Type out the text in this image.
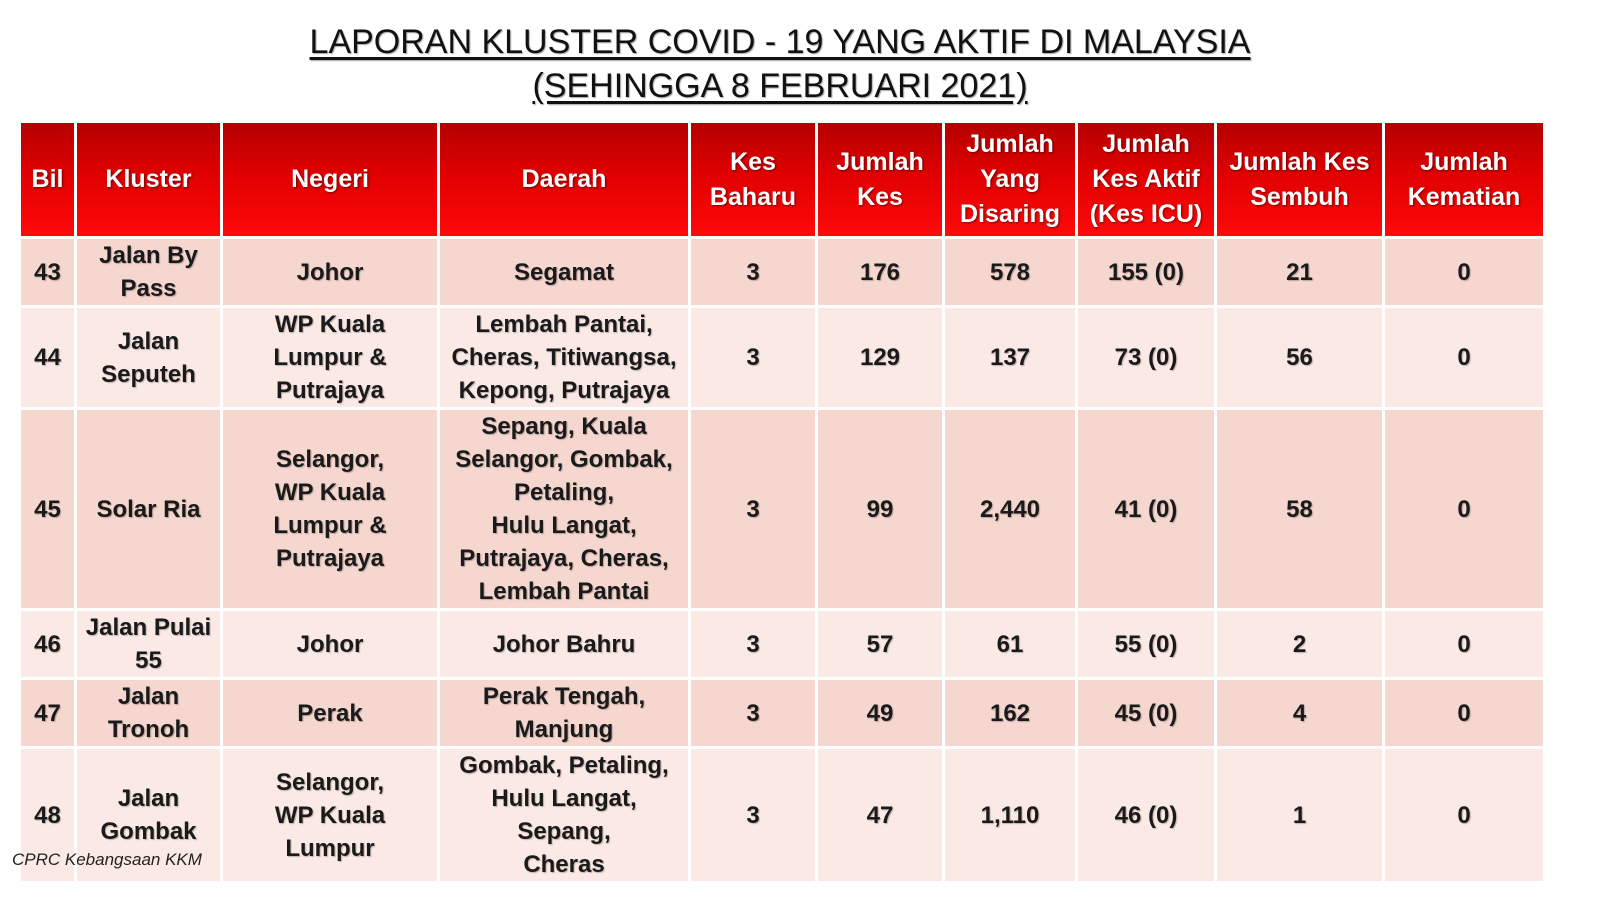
LAPORAN KLUSTER COVID - 19 YANG AKTIF DI MALAYSIA
(SEHINGGA 8 FEBRUARI 2021)
Bil	Kluster	Negeri	Daerah	Kes Baharu	Jumlah Kes	Jumlah Yang Disaring	Jumlah Kes Aktif (Kes ICU)	Jumlah Kes Sembuh	Jumlah Kematian
43	Jalan By Pass	Johor	Segamat	3	176	578	155 (0)	21	0
44	Jalan Seputeh	WP Kuala Lumpur & Putrajaya	Lembah Pantai,
Cheras, Titiwangsa,
Kepong, Putrajaya	3	129	137	73 (0)	56	0
45	Solar Ria	Selangor,
WP Kuala Lumpur & Putrajaya	Sepang, Kuala Selangor, Gombak, Petaling,
Hulu Langat, Putrajaya, Cheras, Lembah Pantai	3	99	2,440	41 (0)	58	0
46	Jalan Pulai 55	Johor	Johor Bahru	3	57	61	55 (0)	2	0
47	Jalan Tronoh	Perak	Perak Tengah, Manjung	3	49	162	45 (0)	4	0
48	Jalan Gombak	Selangor,
WP Kuala Lumpur	Gombak, Petaling,
Hulu Langat, Sepang,
Cheras	3	47	1,110	46 (0)	1	0
CPRC Kebangsaan KKM
